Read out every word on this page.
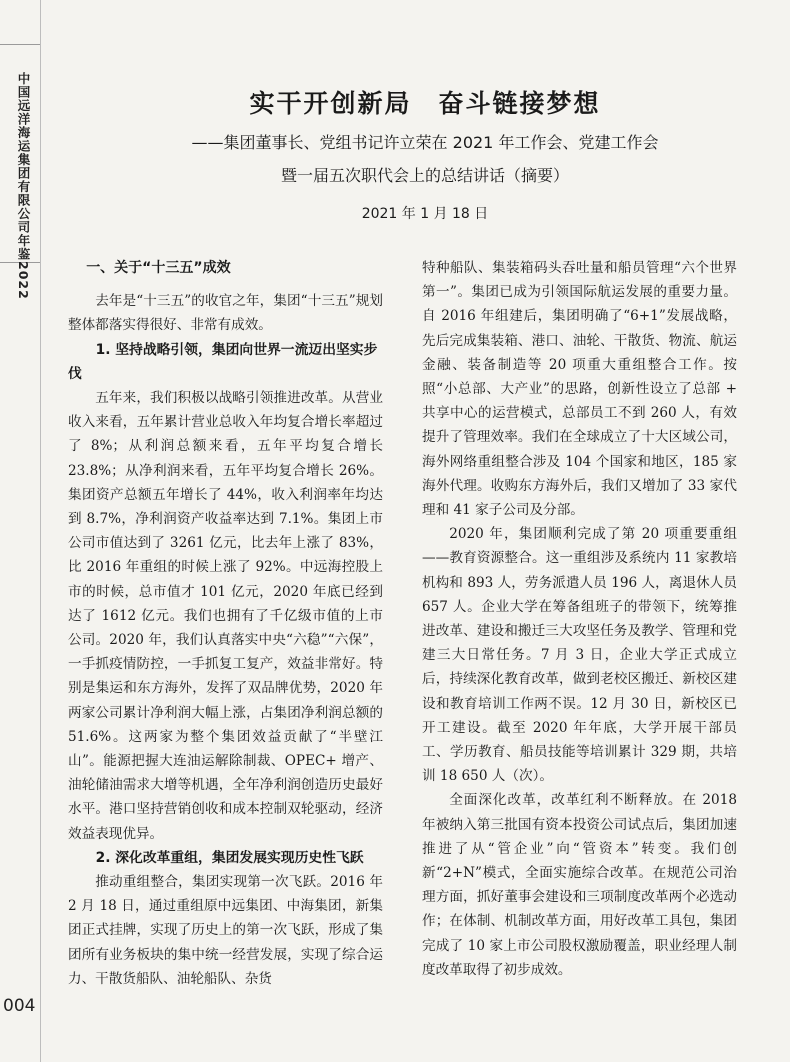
中国远洋海运集团有限公司年鉴2022
004
实干开创新局　奋斗链接梦想
——集团董事长、党组书记许立荣在 2021 年工作会、党建工作会
暨一届五次职代会上的总结讲话（摘要）
2021 年 1 月 18 日
一、关于“十三五”成效

去年是“十三五”的收官之年，集团“十三五”规划整体都落实得很好、非常有成效。

1. 坚持战略引领，集团向世界一流迈出坚实步伐

五年来，我们积极以战略引领推进改革。从营业收入来看，五年累计营业总收入年均复合增长率超过了 8%；从利润总额来看，五年平均复合增长 23.8%；从净利润来看，五年平均复合增长 26%。集团资产总额五年增长了 44%，收入利润率年均达到 8.7%，净利润资产收益率达到 7.1%。集团上市公司市值达到了 3261 亿元，比去年上涨了 83%，比 2016 年重组的时候上涨了 92%。中远海控股上市的时候，总市值才 101 亿元，2020 年底已经到达了 1612 亿元。我们也拥有了千亿级市值的上市公司。2020 年，我们认真落实中央“六稳”“六保”，一手抓疫情防控，一手抓复工复产，效益非常好。特别是集运和东方海外，发挥了双品牌优势，2020 年两家公司累计净利润大幅上涨，占集团净利润总额的 51.6%。这两家为整个集团效益贡献了“半壁江山”。能源把握大连油运解除制裁、OPEC+ 增产、油轮储油需求大增等机遇，全年净利润创造历史最好水平。港口坚持营销创收和成本控制双轮驱动，经济效益表现优异。

2. 深化改革重组，集团发展实现历史性飞跃

推动重组整合，集团实现第一次飞跃。2016 年 2 月 18 日，通过重组原中远集团、中海集团，新集团正式挂牌，实现了历史上的第一次飞跃，形成了集团所有业务板块的集中统一经营发展，实现了综合运力、干散货船队、油轮船队、杂货

特种船队、集装箱码头吞吐量和船员管理“六个世界第一”。集团已成为引领国际航运发展的重要力量。自 2016 年组建后，集团明确了“6+1”发展战略，先后完成集装箱、港口、油轮、干散货、物流、航运金融、装备制造等 20 项重大重组整合工作。按照“小总部、大产业”的思路，创新性设立了总部 + 共享中心的运营模式，总部员工不到 260 人，有效提升了管理效率。我们在全球成立了十大区域公司，海外网络重组整合涉及 104 个国家和地区，185 家海外代理。收购东方海外后，我们又增加了 33 家代理和 41 家子公司及分部。

2020 年，集团顺利完成了第 20 项重要重组——教育资源整合。这一重组涉及系统内 11 家教培机构和 893 人，劳务派遣人员 196 人，离退休人员 657 人。企业大学在筹备组班子的带领下，统筹推进改革、建设和搬迁三大攻坚任务及教学、管理和党建三大日常任务。7 月 3 日，企业大学正式成立后，持续深化教育改革，做到老校区搬迁、新校区建设和教育培训工作两不误。12 月 30 日，新校区已开工建设。截至 2020 年年底，大学开展干部员工、学历教育、船员技能等培训累计 329 期，共培训 18 650 人（次）。

全面深化改革，改革红利不断释放。在 2018 年被纳入第三批国有资本投资公司试点后，集团加速推进了从“管企业”向“管资本”转变。我们创新“2+N”模式，全面实施综合改革。在规范公司治理方面，抓好董事会建设和三项制度改革两个必选动作；在体制、机制改革方面，用好改革工具包，集团完成了 10 家上市公司股权激励覆盖，职业经理人制度改革取得了初步成效。
